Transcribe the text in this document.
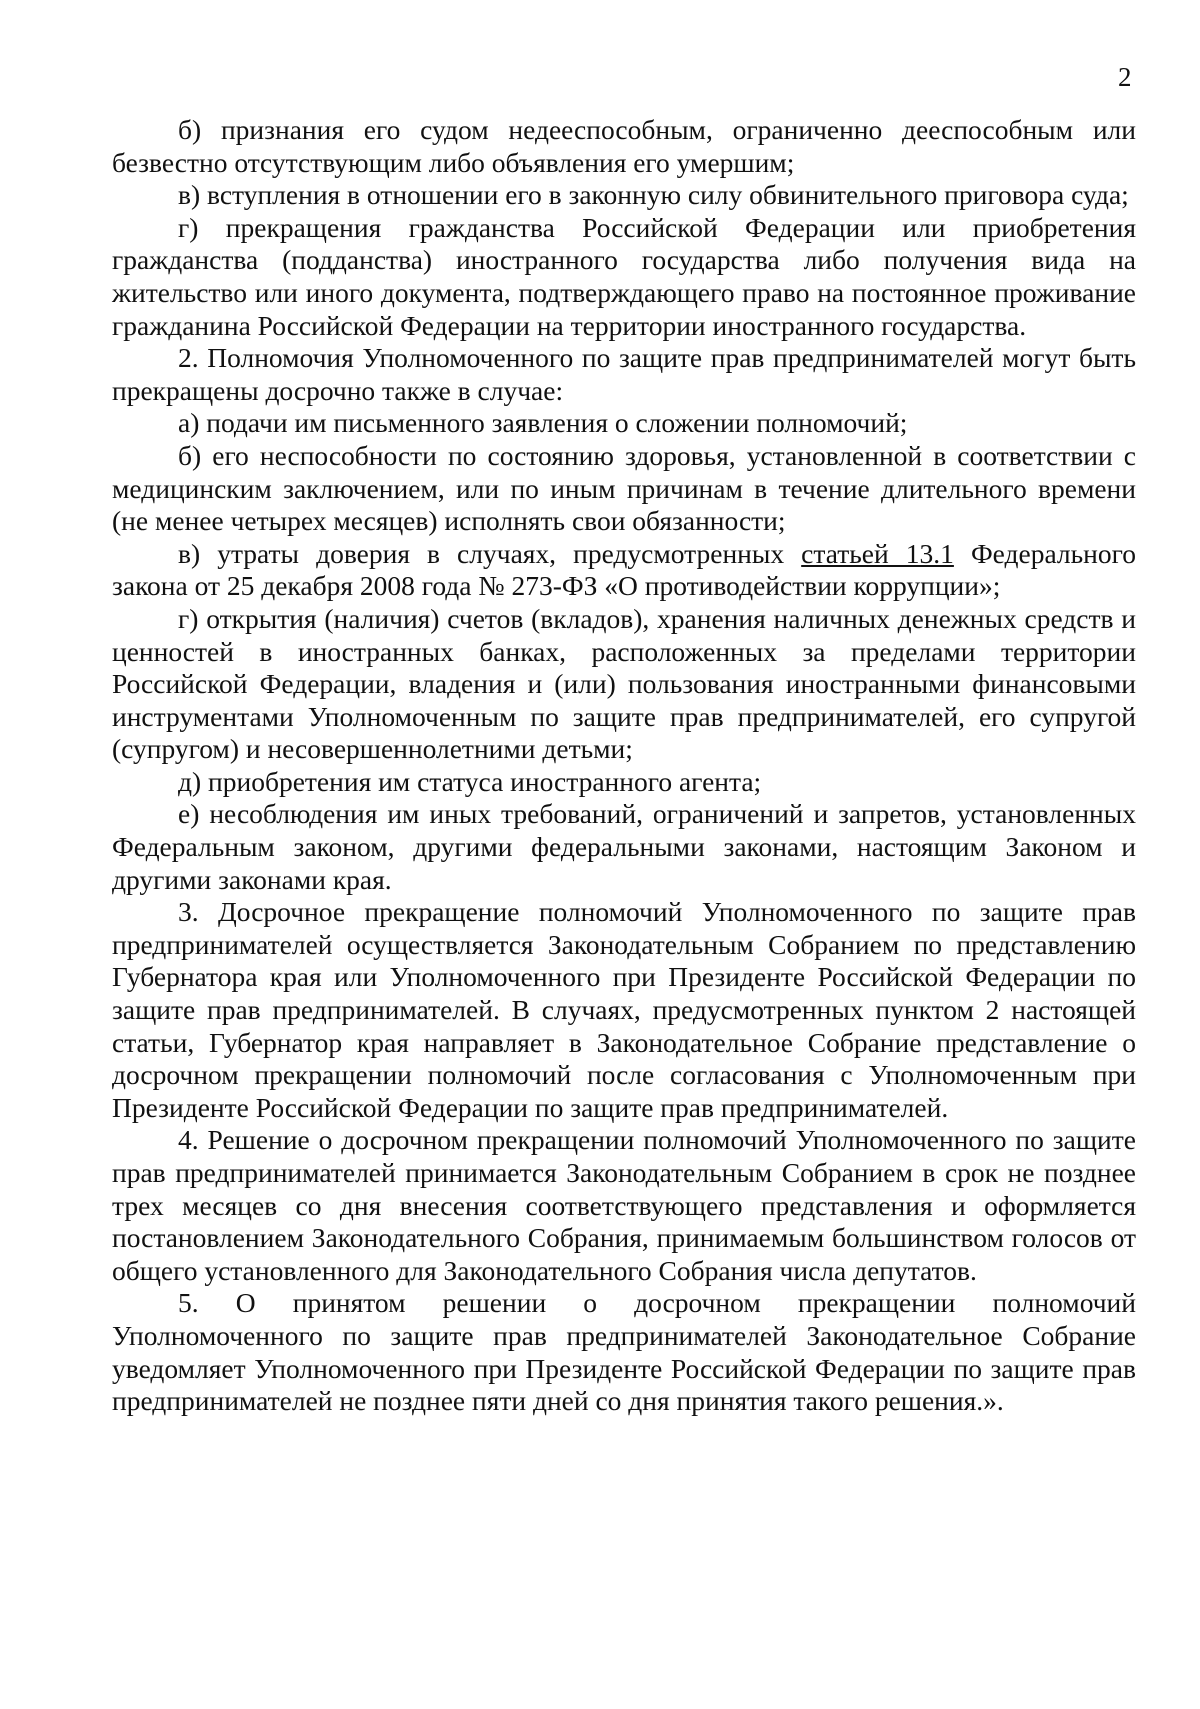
2

б) признания его судом недееспособным, ограниченно дееспособным или безвестно отсутствующим либо объявления его умершим;

в) вступления в отношении его в законную силу обвинительного приговора суда;

г) прекращения гражданства Российской Федерации или приобретения гражданства (подданства) иностранного государства либо получения вида на жительство или иного документа, подтверждающего право на постоянное проживание гражданина Российской Федерации на территории иностранного государства.

2. Полномочия Уполномоченного по защите прав предпринимателей могут быть прекращены досрочно также в случае:

а) подачи им письменного заявления о сложении полномочий;

б) его неспособности по состоянию здоровья, установленной в соответствии с медицинским заключением, или по иным причинам в течение длительного времени (не менее четырех месяцев) исполнять свои обязанности;

в) утраты доверия в случаях, предусмотренных статьей 13.1 Федерального закона от 25 декабря 2008 года № 273-ФЗ «О противодействии коррупции»;

г) открытия (наличия) счетов (вкладов), хранения наличных денежных средств и ценностей в иностранных банках, расположенных за пределами территории Российской Федерации, владения и (или) пользования иностранными финансовыми инструментами Уполномоченным по защите прав предпринимателей, его супругой (супругом) и несовершеннолетними детьми;

д) приобретения им статуса иностранного агента;

е) несоблюдения им иных требований, ограничений и запретов, установленных Федеральным законом, другими федеральными законами, настоящим Законом и другими законами края.

3. Досрочное прекращение полномочий Уполномоченного по защите прав предпринимателей осуществляется Законодательным Собранием по представлению Губернатора края или Уполномоченного при Президенте Российской Федерации по защите прав предпринимателей. В случаях, предусмотренных пунктом 2 настоящей статьи, Губернатор края направляет в Законодательное Собрание представление о досрочном прекращении полномочий после согласования с Уполномоченным при Президенте Российской Федерации по защите прав предпринимателей.

4. Решение о досрочном прекращении полномочий Уполномоченного по защите прав предпринимателей принимается Законодательным Собранием в срок не позднее трех месяцев со дня внесения соответствующего представления и оформляется постановлением Законодательного Собрания, принимаемым большинством голосов от общего установленного для Законодательного Собрания числа депутатов.

5. О принятом решении о досрочном прекращении полномочий Уполномоченного по защите прав предпринимателей Законодательное Собрание уведомляет Уполномоченного при Президенте Российской Федерации по защите прав предпринимателей не позднее пяти дней со дня принятия такого решения.».
